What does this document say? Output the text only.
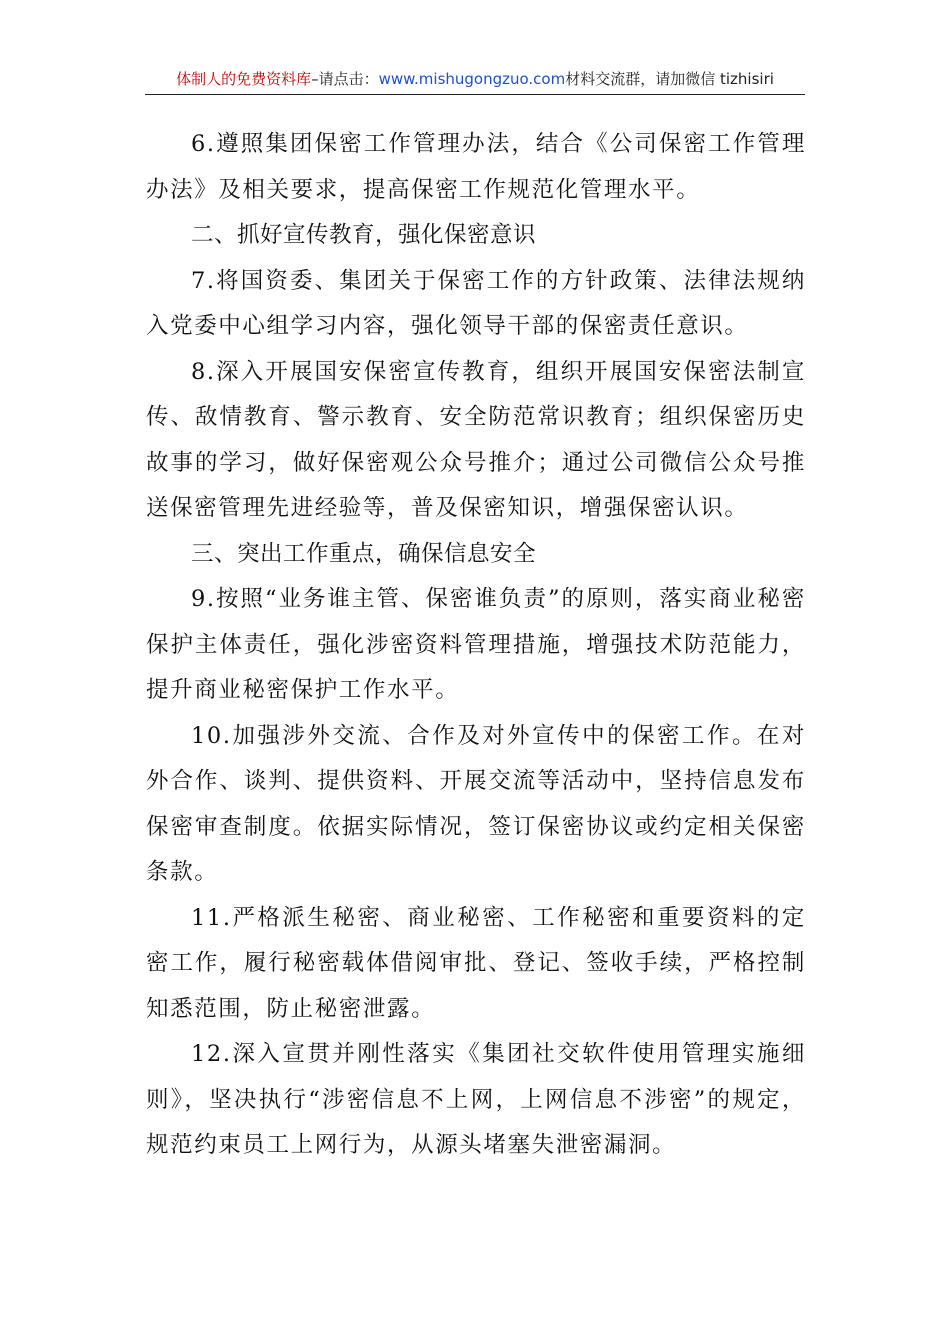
体制人的免费资料库–请点击：www.mishugongzuo.com材料交流群，请加微信 tizhisiri

6.遵照集团保密工作管理办法，结合《公司保密工作管理办法》及相关要求，提高保密工作规范化管理水平。

二、抓好宣传教育，强化保密意识

7.将国资委、集团关于保密工作的方针政策、法律法规纳入党委中心组学习内容，强化领导干部的保密责任意识。

8.深入开展国安保密宣传教育，组织开展国安保密法制宣传、敌情教育、警示教育、安全防范常识教育；组织保密历史故事的学习，做好保密观公众号推介；通过公司微信公众号推送保密管理先进经验等，普及保密知识，增强保密认识。

三、突出工作重点，确保信息安全

9.按照“业务谁主管、保密谁负责”的原则，落实商业秘密保护主体责任，强化涉密资料管理措施，增强技术防范能力，提升商业秘密保护工作水平。

10.加强涉外交流、合作及对外宣传中的保密工作。在对外合作、谈判、提供资料、开展交流等活动中，坚持信息发布保密审查制度。依据实际情况，签订保密协议或约定相关保密条款。

11.严格派生秘密、商业秘密、工作秘密和重要资料的定密工作，履行秘密载体借阅审批、登记、签收手续，严格控制知悉范围，防止秘密泄露。

12.深入宣贯并刚性落实《集团社交软件使用管理实施细则》，坚决执行“涉密信息不上网，上网信息不涉密”的规定，规范约束员工上网行为，从源头堵塞失泄密漏洞。
